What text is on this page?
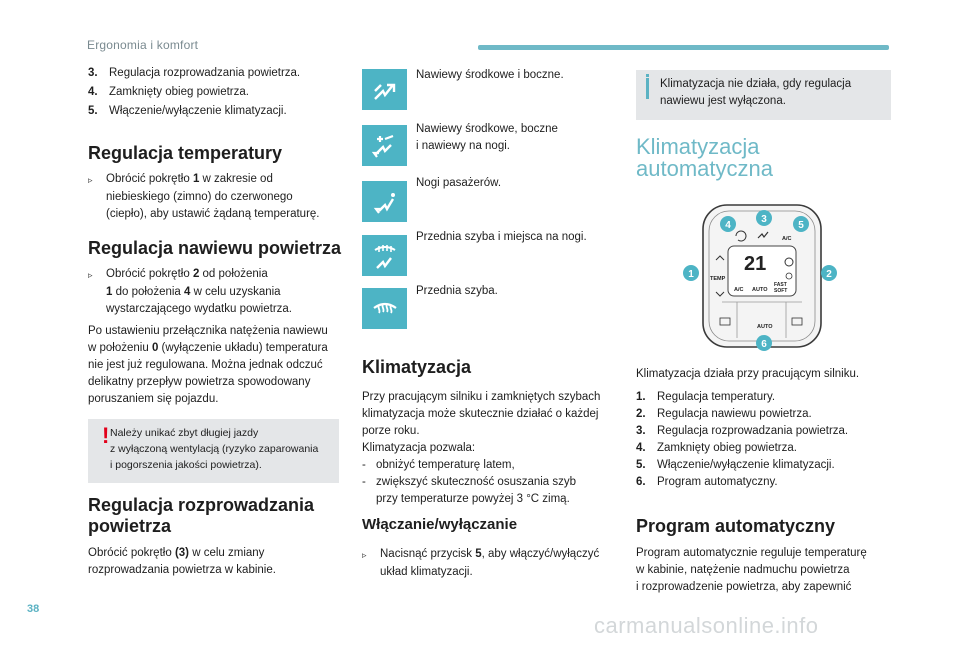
Ergonomia i komfort
3. Regulacja rozprowadzania powietrza.
4. Zamknięty obieg powietrza.
5. Włączenie/wyłączenie klimatyzacji.
Regulacja temperatury
▹	Obrócić pokrętło 1 w zakresie od
niebieskiego (zimno) do czerwonego
(ciepło), aby ustawić żądaną temperaturę.
Regulacja nawiewu powietrza
▹	Obrócić pokrętło 2 od położenia
1 do położenia 4 w celu uzyskania
wystarczającego wydatku powietrza.
Po ustawieniu przełącznika natężenia nawiewu
w położeniu 0 (wyłączenie układu) temperatura
nie jest już regulowana. Można jednak odczuć
delikatny przepływ powietrza spowodowany
poruszaniem się pojazdu.
! Należy unikać zbyt długiej jazdy
z wyłączoną wentylacją (ryzyko zaparowania
i pogorszenia jakości powietrza).
Regulacja rozprowadzania
powietrza
Obrócić pokrętło (3) w celu zmiany
rozprowadzania powietrza w kabinie.
Nawiewy środkowe i boczne.
Nawiewy środkowe, boczne
i nawiewy na nogi.
Nogi pasażerów.
Przednia szyba i miejsca na nogi.
Przednia szyba.
Klimatyzacja
Przy pracującym silniku i zamkniętych szybach
klimatyzacja może skutecznie działać o każdej
porze roku.
Klimatyzacja pozwala:
- obniżyć temperaturę latem,
- zwiększyć skuteczność osuszania szyb
przy temperaturze powyżej 3 °C zimą.
Włączanie/wyłączanie
▹	Nacisnąć przycisk 5, aby włączyć/wyłączyć
układ klimatyzacji.
Klimatyzacja nie działa, gdy regulacja
nawiewu jest wyłączona.
Klimatyzacja
automatyczna
21
A/C AUTO
FAST
SOFT
TEMP
A/C
AUTO
4
3
5
1	2
6
Klimatyzacja działa przy pracującym silniku.
1. Regulacja temperatury.
2. Regulacja nawiewu powietrza.
3. Regulacja rozprowadzania powietrza.
4. Zamknięty obieg powietrza.
5. Włączenie/wyłączenie klimatyzacji.
6. Program automatyczny.
Program automatyczny
Program automatycznie reguluje temperaturę
w kabinie, natężenie nadmuchu powietrza
i rozprowadzenie powietrza, aby zapewnić
38
carmanualsonline.info
